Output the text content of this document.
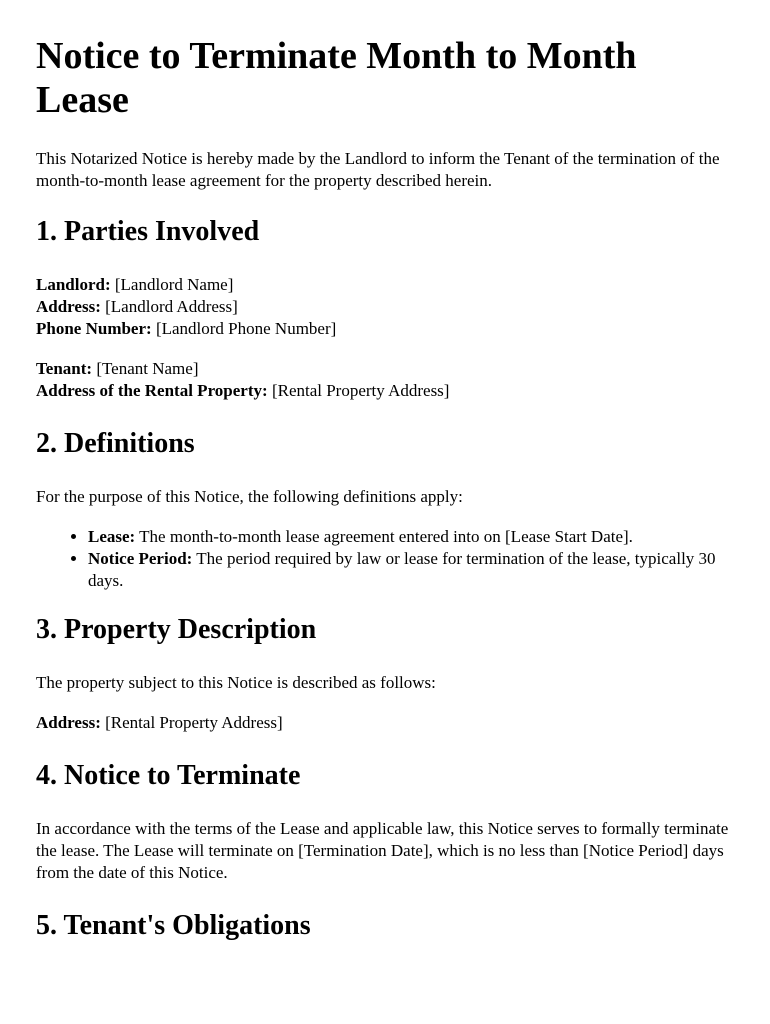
Notice to Terminate Month to Month Lease

This Notarized Notice is hereby made by the Landlord to inform the Tenant of the termination of the month-to-month lease agreement for the property described herein.

1. Parties Involved
Landlord: [Landlord Name]
Address: [Landlord Address]
Phone Number: [Landlord Phone Number]
Tenant: [Tenant Name]
Address of the Rental Property: [Rental Property Address]
2. Definitions

For the purpose of this Notice, the following definitions apply:

• Lease: The month-to-month lease agreement entered into on [Lease Start Date].
• Notice Period: The period required by law or lease for termination of the lease, typically 30 days.
3. Property Description

The property subject to this Notice is described as follows:

Address: [Rental Property Address]

4. Notice to Terminate

In accordance with the terms of the Lease and applicable law, this Notice serves to formally terminate the lease. The Lease will terminate on [Termination Date], which is no less than [Notice Period] days from the date of this Notice.

5. Tenant's Obligations
